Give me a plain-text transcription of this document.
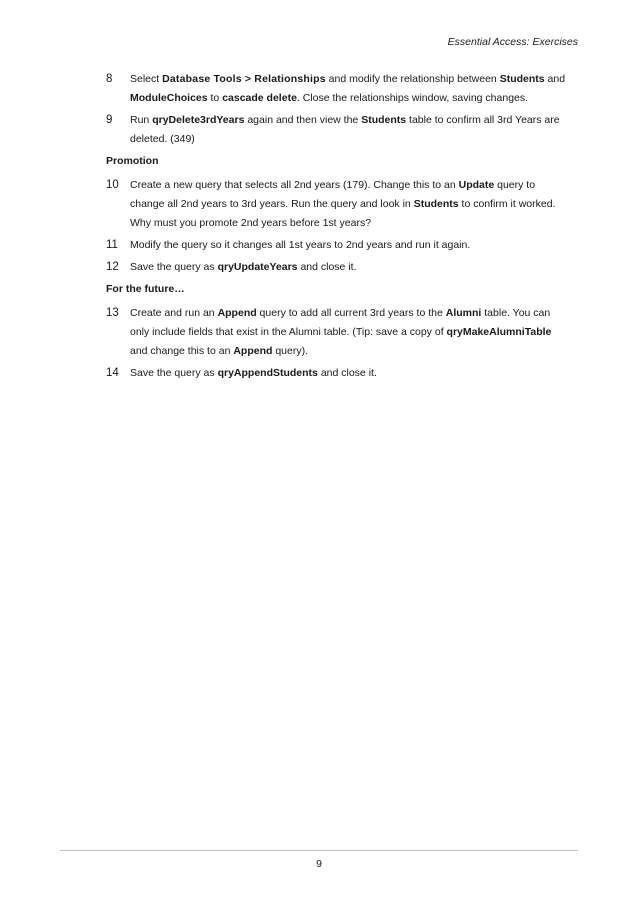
Essential Access: Exercises
8	Select Database Tools > Relationships and modify the relationship between Students and
ModuleChoices to cascade delete. Close the relationships window, saving changes.
9	Run qryDelete3rdYears again and then view the Students table to confirm all 3rd Years are
deleted. (349)
Promotion
10	Create a new query that selects all 2nd years (179). Change this to an Update query to
change all 2nd years to 3rd years. Run the query and look in Students to confirm it worked.
Why must you promote 2nd years before 1st years?
11	Modify the query so it changes all 1st years to 2nd years and run it again.
12	Save the query as qryUpdateYears and close it.
For the future…
13	Create and run an Append query to add all current 3rd years to the Alumni table. You can
only include fields that exist in the Alumni table. (Tip: save a copy of qryMakeAlumniTable
and change this to an Append query).
14	Save the query as qryAppendStudents and close it.
9
